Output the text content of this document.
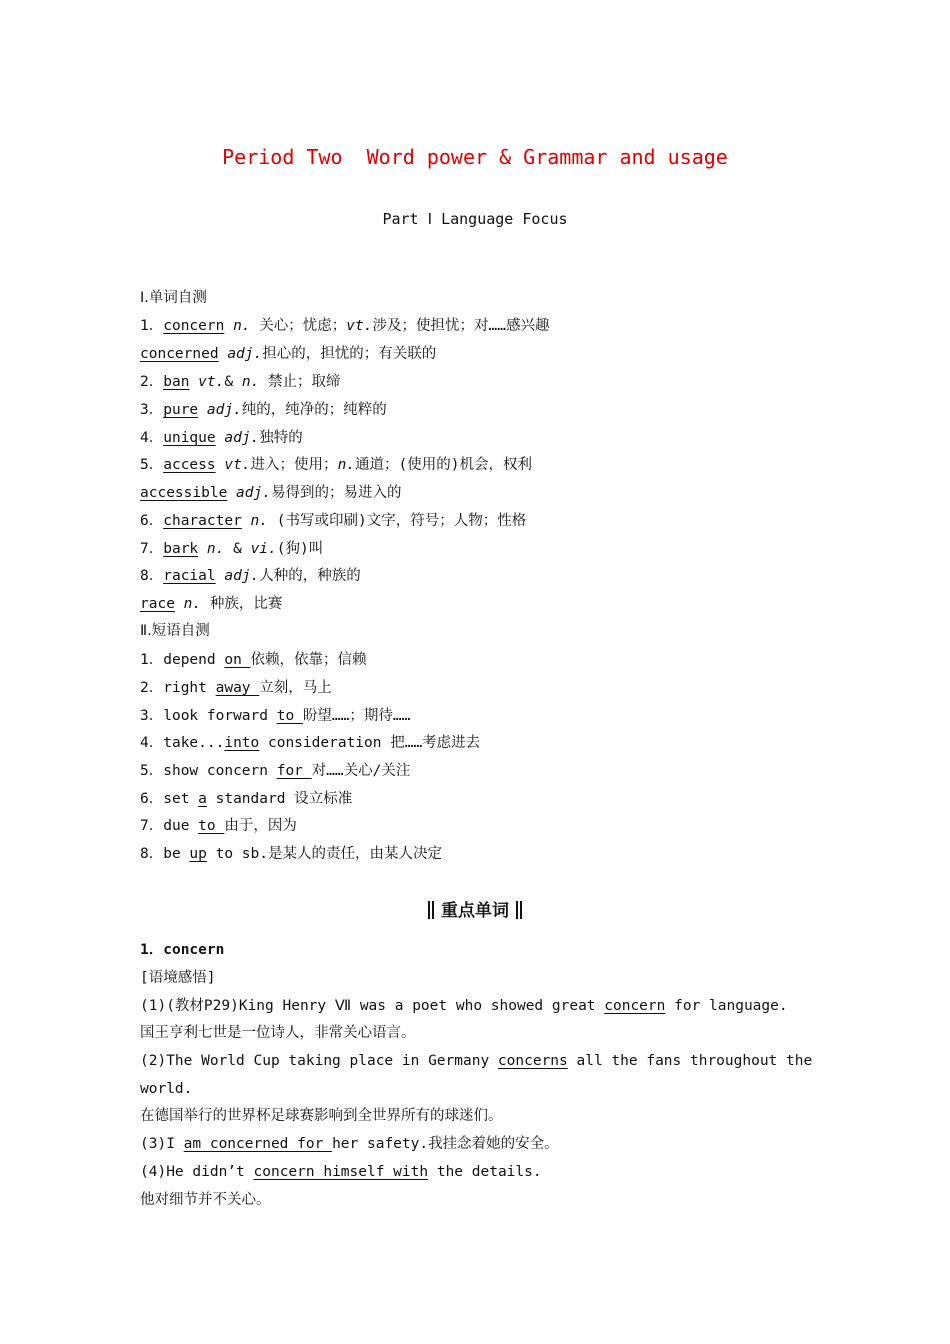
Period Two  Word power & Grammar and usage
Part Ⅰ Language Focus
Ⅰ.单词自测
1．concern n. 关心；忧虑；vt.涉及；使担忧；对……感兴趣
concerned adj.担心的，担忧的；有关联的
2．ban vt.& n. 禁止；取缔
3．pure adj.纯的，纯净的；纯粹的
4．unique adj.独特的
5．access vt.进入；使用；n.通道；(使用的)机会，权利
accessible adj.易得到的；易进入的
6．character n. (书写或印刷)文字，符号；人物；性格
7．bark n. & vi.(狗)叫
8．racial adj.人种的，种族的
race n. 种族，比赛
Ⅱ.短语自测
1．depend on 依赖，依靠；信赖
2．right away 立刻，马上
3．look forward to 盼望……；期待……
4．take...into consideration 把……考虑进去
5．show concern for 对……关心/关注
6．set a standard 设立标准
7．due to 由于，因为
8．be up to sb.是某人的责任，由某人决定
重点单词
1．concern
[语境感悟]
(1)(教材P29)King Henry Ⅶ was a poet who showed great concern for language.
国王亨利七世是一位诗人，非常关心语言。
(2)The World Cup taking place in Germany concerns all the fans throughout the
world.
在德国举行的世界杯足球赛影响到全世界所有的球迷们。
(3)I am concerned for her safety.我挂念着她的安全。
(4)He didn’t concern himself with the details.
他对细节并不关心。
